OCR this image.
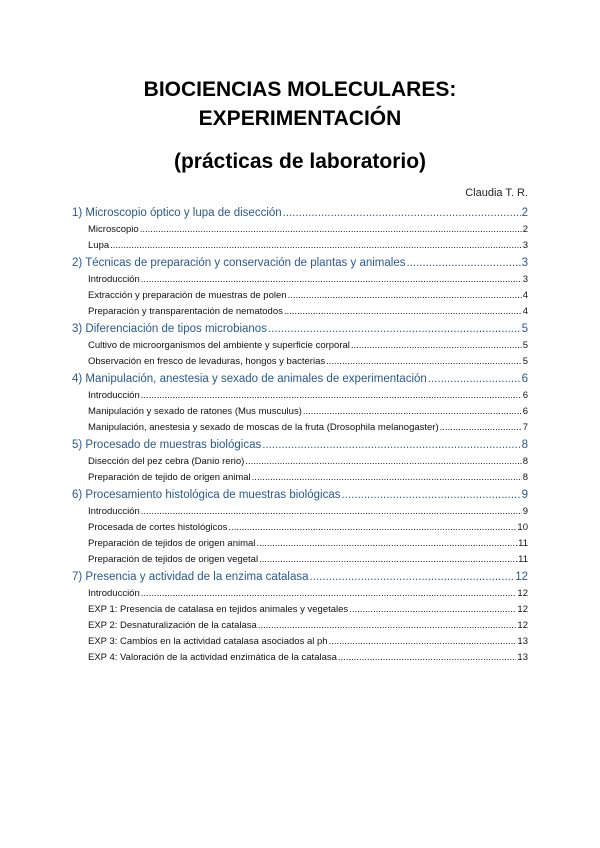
BIOCIENCIAS MOLECULARES:
EXPERIMENTACIÓN
(prácticas de laboratorio)
Claudia T. R.
1) Microscopio óptico y lupa de disección .....	2
Microscopio .....	2
Lupa .....	3
2) Técnicas de preparación y conservación de plantas y animales .....	3
Introducción .....	3
Extracción y preparación de muestras de polen .....	4
Preparación y transparentación de nematodos .....	4
3) Diferenciación de tipos microbianos .....	5
Cultivo de microorganismos del ambiente y superficie corporal .....	5
Observación en fresco de levaduras, hongos y bacterias .....	5
4) Manipulación, anestesia y sexado de animales de experimentación .....	6
Introducción .....	6
Manipulación y sexado de ratones (Mus musculus) .....	6
Manipulación, anestesia y sexado de moscas de la fruta (Drosophila melanogaster) .....	7
5) Procesado de muestras biológicas .....	8
Disección del pez cebra (Danio rerio) .....	8
Preparación de tejido de origen animal .....	8
6) Procesamiento histológica de muestras biológicas .....	9
Introducción .....	9
Procesada de cortes histológicos .....	10
Preparación de tejidos de origen animal .....	11
Preparación de tejidos de origen vegetal .....	11
7) Presencia y actividad de la enzima catalasa .....	12
Introducción .....	12
EXP 1: Presencia de catalasa en tejidos animales y vegetales .....	12
EXP 2: Desnaturalización de la catalasa .....	12
EXP 3: Cambios en la actividad catalasa asociados al ph .....	13
EXP 4: Valoración de la actividad enzimática de la catalasa .....	13
